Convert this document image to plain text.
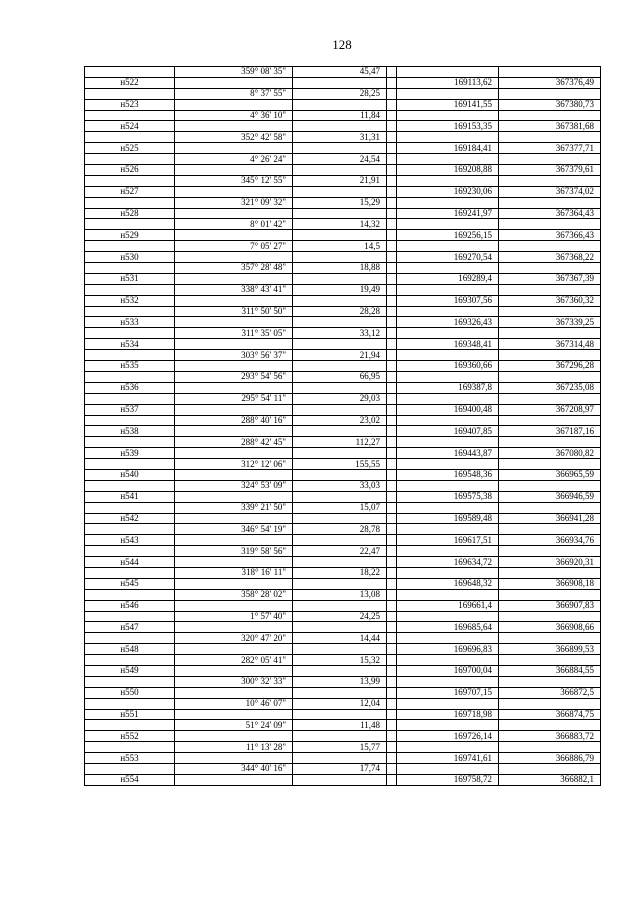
128
	359° 08' 35"	45,47			
н522				169113,62	367376,49
	8° 37' 55"	28,25			
н523				169141,55	367380,73
	4° 36' 10"	11,84			
н524				169153,35	367381,68
	352° 42' 58"	31,31			
н525				169184,41	367377,71
	4° 26' 24"	24,54			
н526				169208,88	367379,61
	345° 12' 55"	21,91			
н527				169230,06	367374,02
	321° 09' 32"	15,29			
н528				169241,97	367364,43
	8° 01' 42"	14,32			
н529				169256,15	367366,43
	7° 05' 27"	14,5			
н530				169270,54	367368,22
	357° 28' 48"	18,88			
н531				169289,4	367367,39
	338° 43' 41"	19,49			
н532				169307,56	367360,32
	311° 50' 50"	28,28			
н533				169326,43	367339,25
	311° 35' 05"	33,12			
н534				169348,41	367314,48
	303° 56' 37"	21,94			
н535				169360,66	367296,28
	293° 54' 56"	66,95			
н536				169387,8	367235,08
	295° 54' 11"	29,03			
н537				169400,48	367208,97
	288° 40' 16"	23,02			
н538				169407,85	367187,16
	288° 42' 45"	112,27			
н539				169443,87	367080,82
	312° 12' 06"	155,55			
н540				169548,36	366965,59
	324° 53' 09"	33,03			
н541				169575,38	366946,59
	339° 21' 50"	15,07			
н542				169589,48	366941,28
	346° 54' 19"	28,78			
н543				169617,51	366934,76
	319° 58' 56"	22,47			
н544				169634,72	366920,31
	318° 16' 11"	18,22			
н545				169648,32	366908,18
	358° 28' 02"	13,08			
н546				169661,4	366907,83
	1° 57' 40"	24,25			
н547				169685,64	366908,66
	320° 47' 20"	14,44			
н548				169696,83	366899,53
	282° 05' 41"	15,32			
н549				169700,04	366884,55
	300° 32' 33"	13,99			
н550				169707,15	366872,5
	10° 46' 07"	12,04			
н551				169718,98	366874,75
	51° 24' 09"	11,48			
н552				169726,14	366883,72
	11° 13' 28"	15,77			
н553				169741,61	366886,79
	344° 40' 16"	17,74			
н554				169758,72	366882,1
